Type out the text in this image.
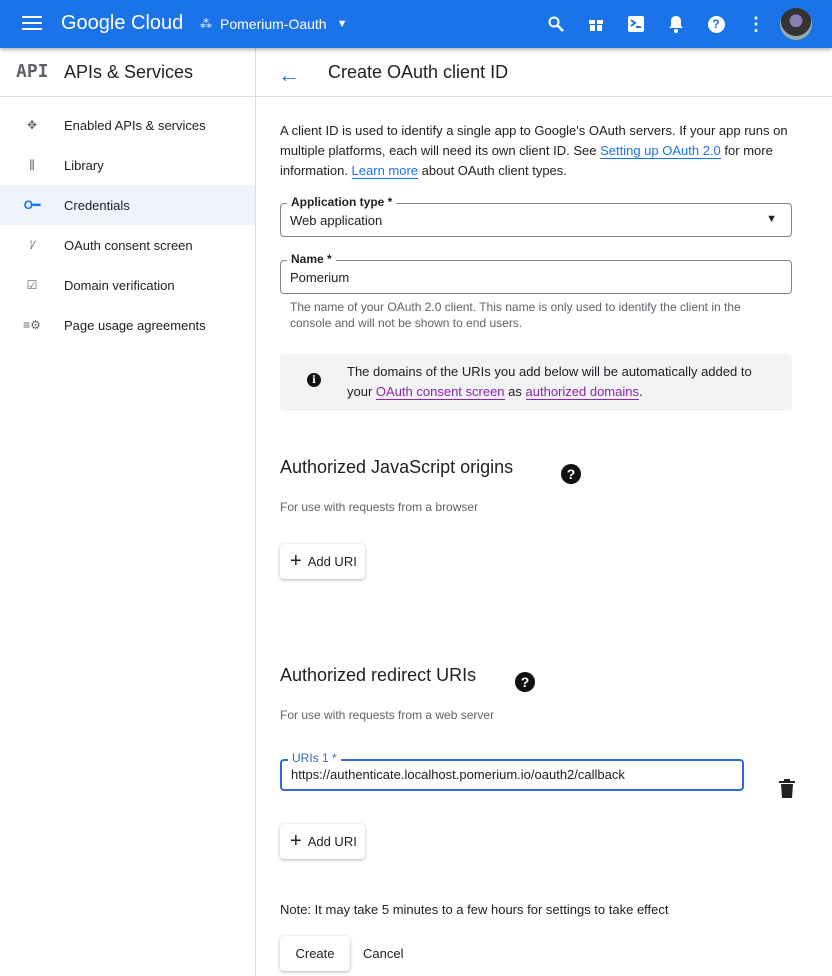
Google Cloud ⁂ Pomerium-Oauth ▼	? ⋮
API APIs & Services
✥	Enabled APIs & services
⫼	Library
O━ Credentials
⁞⁄	OAuth consent screen
☑ Domain verification
≡⚙ Page usage agreements
← Create OAuth client ID
A client ID is used to identify a single app to Google's OAuth servers. If your app runs on multiple platforms, each will need its own client ID. See Setting up OAuth 2.0 for more information. Learn more about OAuth client types.
Application type *
Web application	▼
Name *
Pomerium
The name of your OAuth 2.0 client. This name is only used to identify the client in the console and will not be shown to end users.
i
The domains of the URIs you add below will be automatically added to your OAuth consent screen as authorized domains.
Authorized JavaScript origins	?
For use with requests from a browser
+ Add URI
Authorized redirect URIs	?
For use with requests from a web server
URIs 1 *
https://authenticate.localhost.pomerium.io/oauth2/callback
+ Add URI
Note: It may take 5 minutes to a few hours for settings to take effect
Create	Cancel
